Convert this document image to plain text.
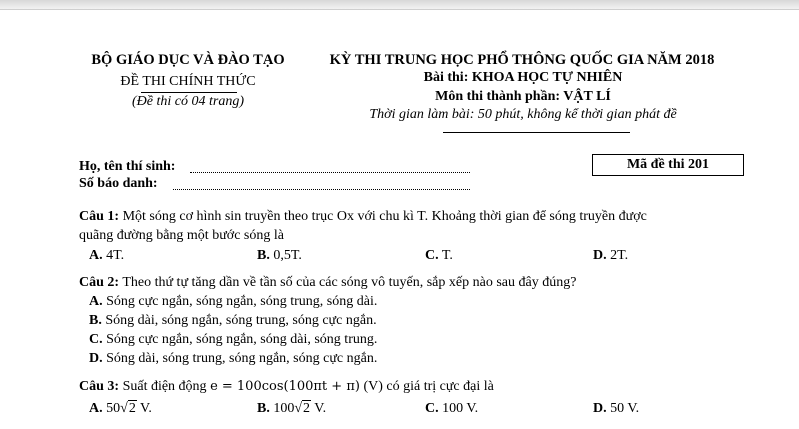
BỘ GIÁO DỤC VÀ ĐÀO TẠO
ĐỀ THI CHÍNH THỨC
(Đề thi có 04 trang)
KỲ THI TRUNG HỌC PHỔ THÔNG QUỐC GIA NĂM 2018
Bài thi: KHOA HỌC TỰ NHIÊN
Môn thi thành phần: VẬT LÍ
Thời gian làm bài: 50 phút, không kể thời gian phát đề
Họ, tên thí sinh:
Số báo danh:
Mã đề thi 201
Câu 1: Một sóng cơ hình sin truyền theo trục Ox với chu kì T. Khoảng thời gian để sóng truyền được
quãng đường bằng một bước sóng là
A. 4T.	B. 0,5T.	C. T.	D. 2T.
Câu 2: Theo thứ tự tăng dần về tần số của các sóng vô tuyến, sắp xếp nào sau đây đúng?
A. Sóng cực ngắn, sóng ngắn, sóng trung, sóng dài.
B. Sóng dài, sóng ngắn, sóng trung, sóng cực ngắn.
C. Sóng cực ngắn, sóng ngắn, sóng dài, sóng trung.
D. Sóng dài, sóng trung, sóng ngắn, sóng cực ngắn.
Câu 3: Suất điện động e = 100cos(100πt + π) (V) có giá trị cực đại là
A. 50√2 V.	B. 100√2 V.	C. 100 V.	D. 50 V.
